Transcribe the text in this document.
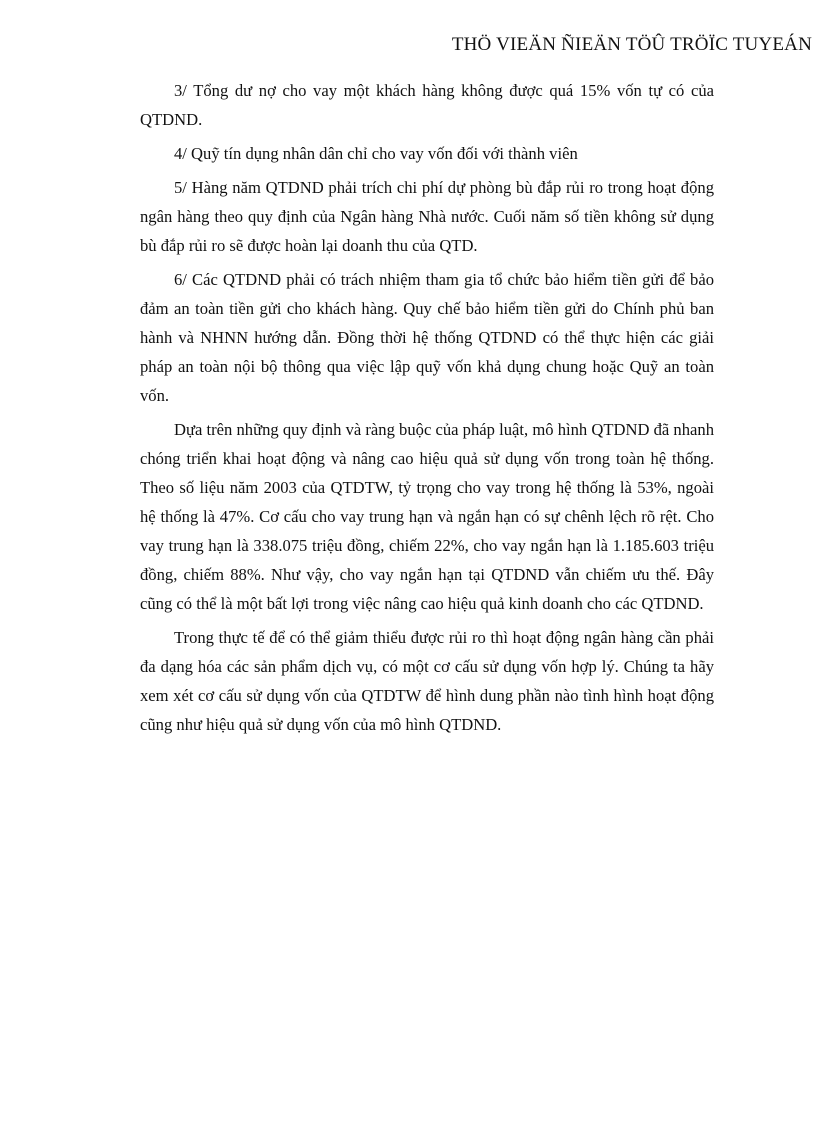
THÖ VIEÄN ÑIEÄN TÖÛ TRÖÏC TUYEÁN

3/ Tổng dư nợ cho vay một khách hàng không được quá 15% vốn tự có của QTDND.

4/ Quỹ tín dụng nhân dân chỉ cho vay vốn đối với thành viên

5/ Hàng năm QTDND phải trích chi phí dự phòng bù đắp rủi ro trong hoạt động ngân hàng theo quy định của Ngân hàng Nhà nước. Cuối năm số tiền không sử dụng bù đắp rủi ro sẽ được hoàn lại doanh thu của QTD.

6/ Các QTDND phải có trách nhiệm tham gia tổ chức bảo hiểm tiền gửi để bảo đảm an toàn tiền gửi cho khách hàng. Quy chế bảo hiểm tiền gửi do Chính phủ ban hành và NHNN hướng dẫn. Đồng thời hệ thống QTDND có thể thực hiện các giải pháp an toàn nội bộ thông qua việc lập quỹ vốn khả dụng chung hoặc Quỹ an toàn vốn.

Dựa trên những quy định và ràng buộc của pháp luật, mô hình QTDND đã nhanh chóng triển khai hoạt động và nâng cao hiệu quả sử dụng vốn trong toàn hệ thống. Theo số liệu năm 2003 của QTDTW, tỷ trọng cho vay trong hệ thống là 53%, ngoài hệ thống là 47%. Cơ cấu cho vay trung hạn và ngắn hạn có sự chênh lệch rõ rệt. Cho vay trung hạn là 338.075 triệu đồng, chiếm 22%, cho vay ngắn hạn là 1.185.603 triệu đồng, chiếm 88%. Như vậy, cho vay ngắn hạn tại QTDND vẫn chiếm ưu thế. Đây cũng có thể là một bất lợi trong việc nâng cao hiệu quả kinh doanh cho các QTDND.

Trong thực tế để có thể giảm thiểu được rủi ro thì hoạt động ngân hàng cần phải đa dạng hóa các sản phẩm dịch vụ, có một cơ cấu sử dụng vốn hợp lý. Chúng ta hãy xem xét cơ cấu sử dụng vốn của QTDTW để hình dung phần nào tình hình hoạt động cũng như hiệu quả sử dụng vốn của mô hình QTDND.
